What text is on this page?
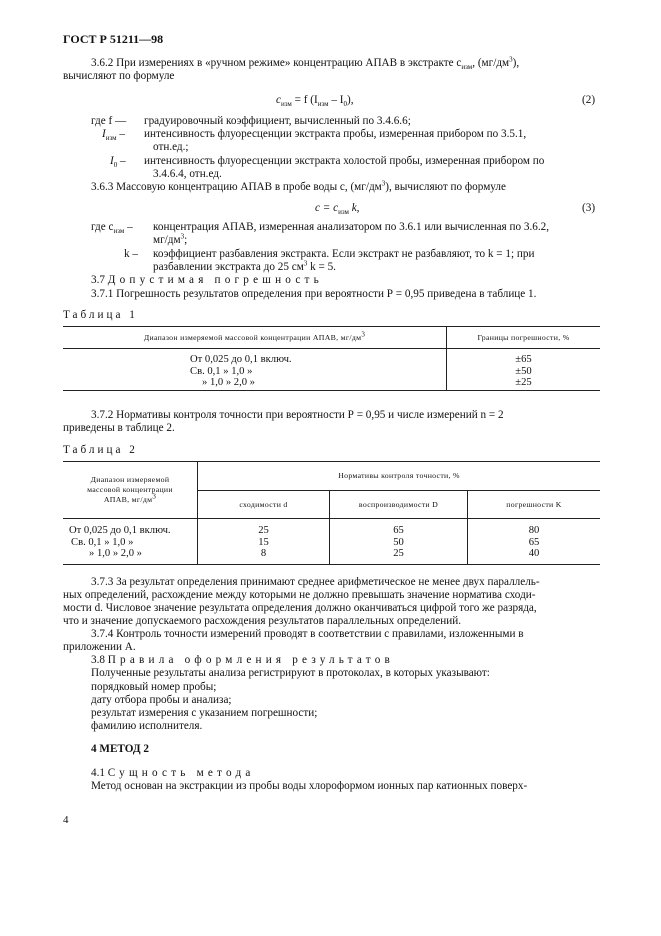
ГОСТ Р 51211—98
3.6.2 При измерениях в «ручном режиме» концентрацию АПАВ в экстракте $с_{изм}$, $(мг/дм^3)$,
вычисляют по формуле
$с_{изм} = f$ $(I_{изм} - I_0)$,	(2)
где f — градуировочный коэффициент, вычисленный по 3.4.6.6;
$I_{изм}$ – интенсивность флуоресценции экстракта пробы, измеренная прибором по 3.5.1,
отн.ед.;
$I_0$ – интенсивность флуоресценции экстракта холостой пробы, измеренная прибором по
3.4.6.4, отн.ед.
3.6.3 Массовую концентрацию АПАВ в пробе воды с, $(мг/дм^3)$, вычисляют по формуле
$с = с_{изм}$ k,	(3)
где $с_{изм}$ – концентрация АПАВ, измеренная анализатором по 3.6.1 или вычисленная по 3.6.2,
$мг/дм^3$;
k – коэффициент разбавления экстракта. Если экстракт не разбавляют, то k = 1; при
разбавлении экстракта до 25 $см^3$ k = 5.
3.7 Допустимая погрешность
3.7.1 Погрешность результатов определения при вероятности Р = 0,95 приведена в таблице 1.
Таблица 1
Диапазон измеряемой массовой концентрации АПАВ, $мг/дм^3$	Границы погрешности, %

От 0,025 до 0,1 включ.
Св. 0,1 » 1,0 »
» 1,0 » 2,0 »	±65
±50
±25
3.7.2 Нормативы контроля точности при вероятности Р = 0,95 и числе измерений n = 2
приведены в таблице 2.
Таблица 2
Диапазон измеряемой
массовой концентрации
АПАВ, $мг/дм^3$	Нормативы контроля точности, %		
	сходимости d	воспроизводимости D	погрешности K

От 0,025 до 0,1 включ.
Св. 0,1 » 1,0 »
» 1,0 » 2,0 »	25
15
8	65
50
25	80
65
40
3.7.3 За результат определения принимают среднее арифметическое не менее двух параллель-
ных определений, расхождение между которыми не должно превышать значение норматива сходи-
мости d. Числовое значение результата определения должно оканчиваться цифрой того же разряда,
что и значение допускаемого расхождения результатов параллельных определений.
3.7.4 Контроль точности измерений проводят в соответствии с правилами, изложенными в
приложении А.
3.8 Правила оформления результатов
Полученные результаты анализа регистрируют в протоколах, в которых указывают:
порядковый номер пробы;
дату отбора пробы и анализа;
результат измерения с указанием погрешности;
фамилию исполнителя.
4 МЕТОД 2
4.1 Сущность метода
Метод основан на экстракции из пробы воды хлороформом ионных пар катионных поверх-
4
